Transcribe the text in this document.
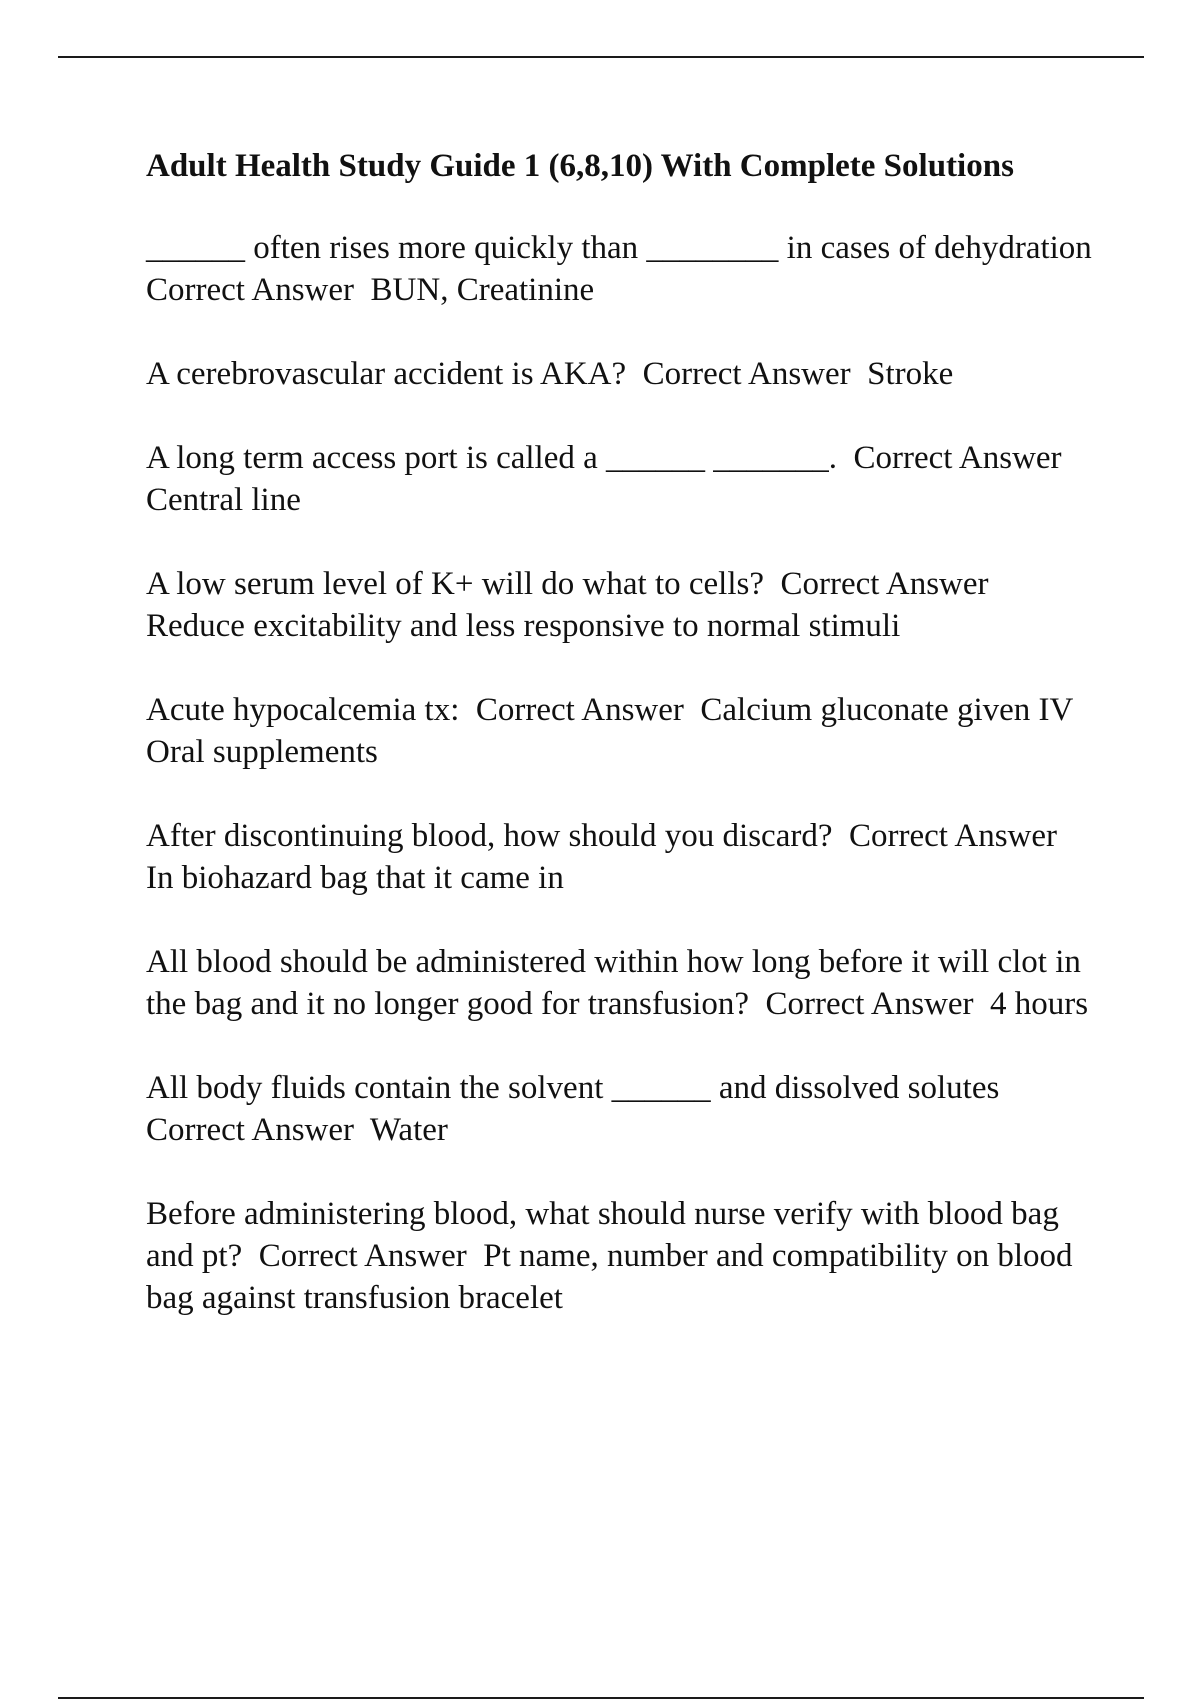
Adult Health Study Guide 1 (6,8,10) With Complete Solutions

______ often rises more quickly than ________ in cases of dehydration  Correct Answer  BUN, Creatinine

A cerebrovascular accident is AKA?  Correct Answer  Stroke

A long term access port is called a ______ _______.  Correct Answer  Central line

A low serum level of K+ will do what to cells?  Correct Answer  Reduce excitability and less responsive to normal stimuli

Acute hypocalcemia tx:  Correct Answer  Calcium gluconate given IV
Oral supplements

After discontinuing blood, how should you discard?  Correct Answer  In biohazard bag that it came in

All blood should be administered within how long before it will clot in the bag and it no longer good for transfusion?  Correct Answer  4 hours

All body fluids contain the solvent ______ and dissolved solutes  Correct Answer  Water

Before administering blood, what should nurse verify with blood bag and pt?  Correct Answer  Pt name, number and compatibility on blood bag against transfusion bracelet
